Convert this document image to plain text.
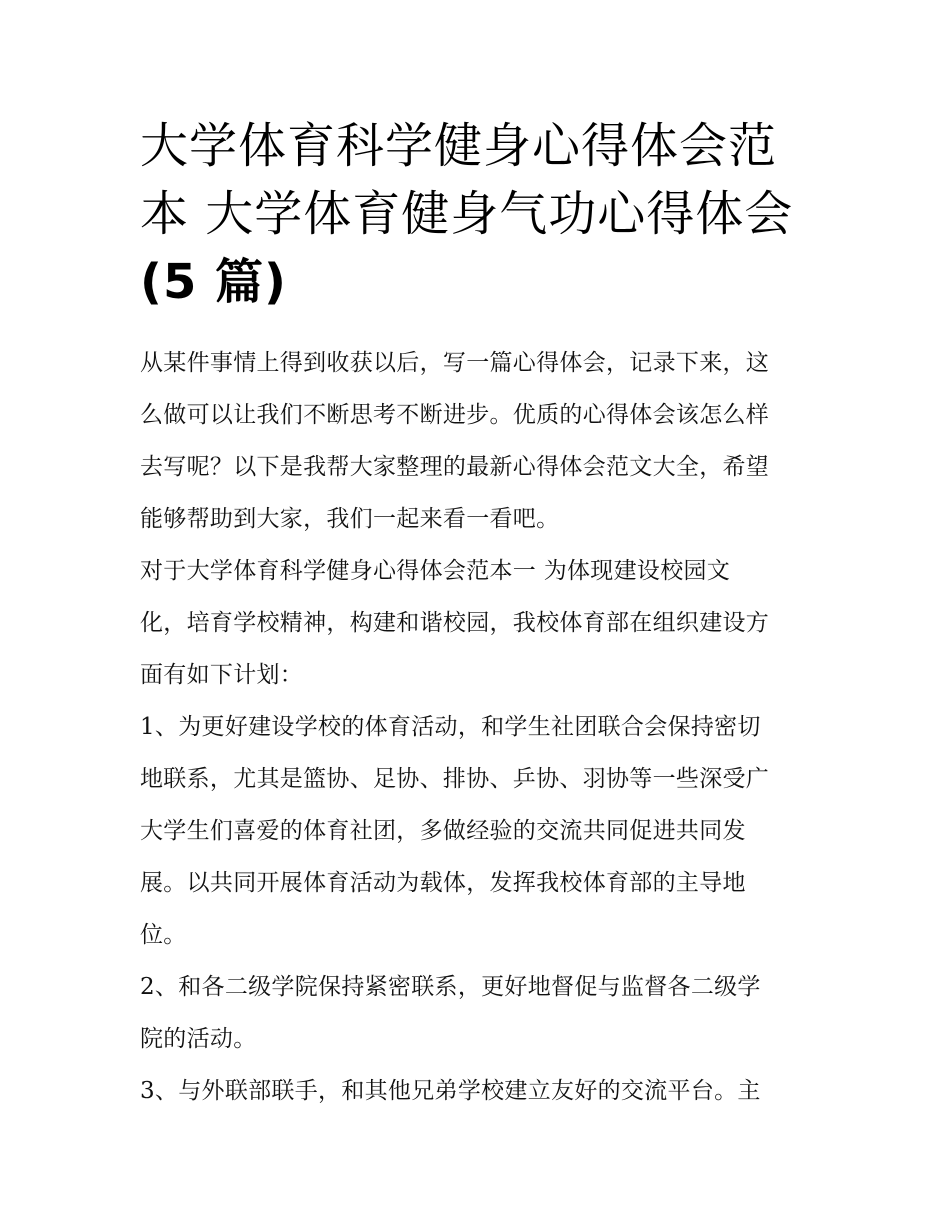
大学体育科学健身心得体会范
本 大学体育健身气功心得体会
(5 篇)
从某件事情上得到收获以后，写一篇心得体会，记录下来，这
么做可以让我们不断思考不断进步。优质的心得体会该怎么样
去写呢？以下是我帮大家整理的最新心得体会范文大全，希望
能够帮助到大家，我们一起来看一看吧。
对于大学体育科学健身心得体会范本一 为体现建设校园文
化，培育学校精神，构建和谐校园，我校体育部在组织建设方
面有如下计划：
1、为更好建设学校的体育活动，和学生社团联合会保持密切
地联系，尤其是篮协、足协、排协、乒协、羽协等一些深受广
大学生们喜爱的体育社团，多做经验的交流共同促进共同发
展。以共同开展体育活动为载体，发挥我校体育部的主导地
位。
2、和各二级学院保持紧密联系，更好地督促与监督各二级学
院的活动。
3、与外联部联手，和其他兄弟学校建立友好的交流平台。主
